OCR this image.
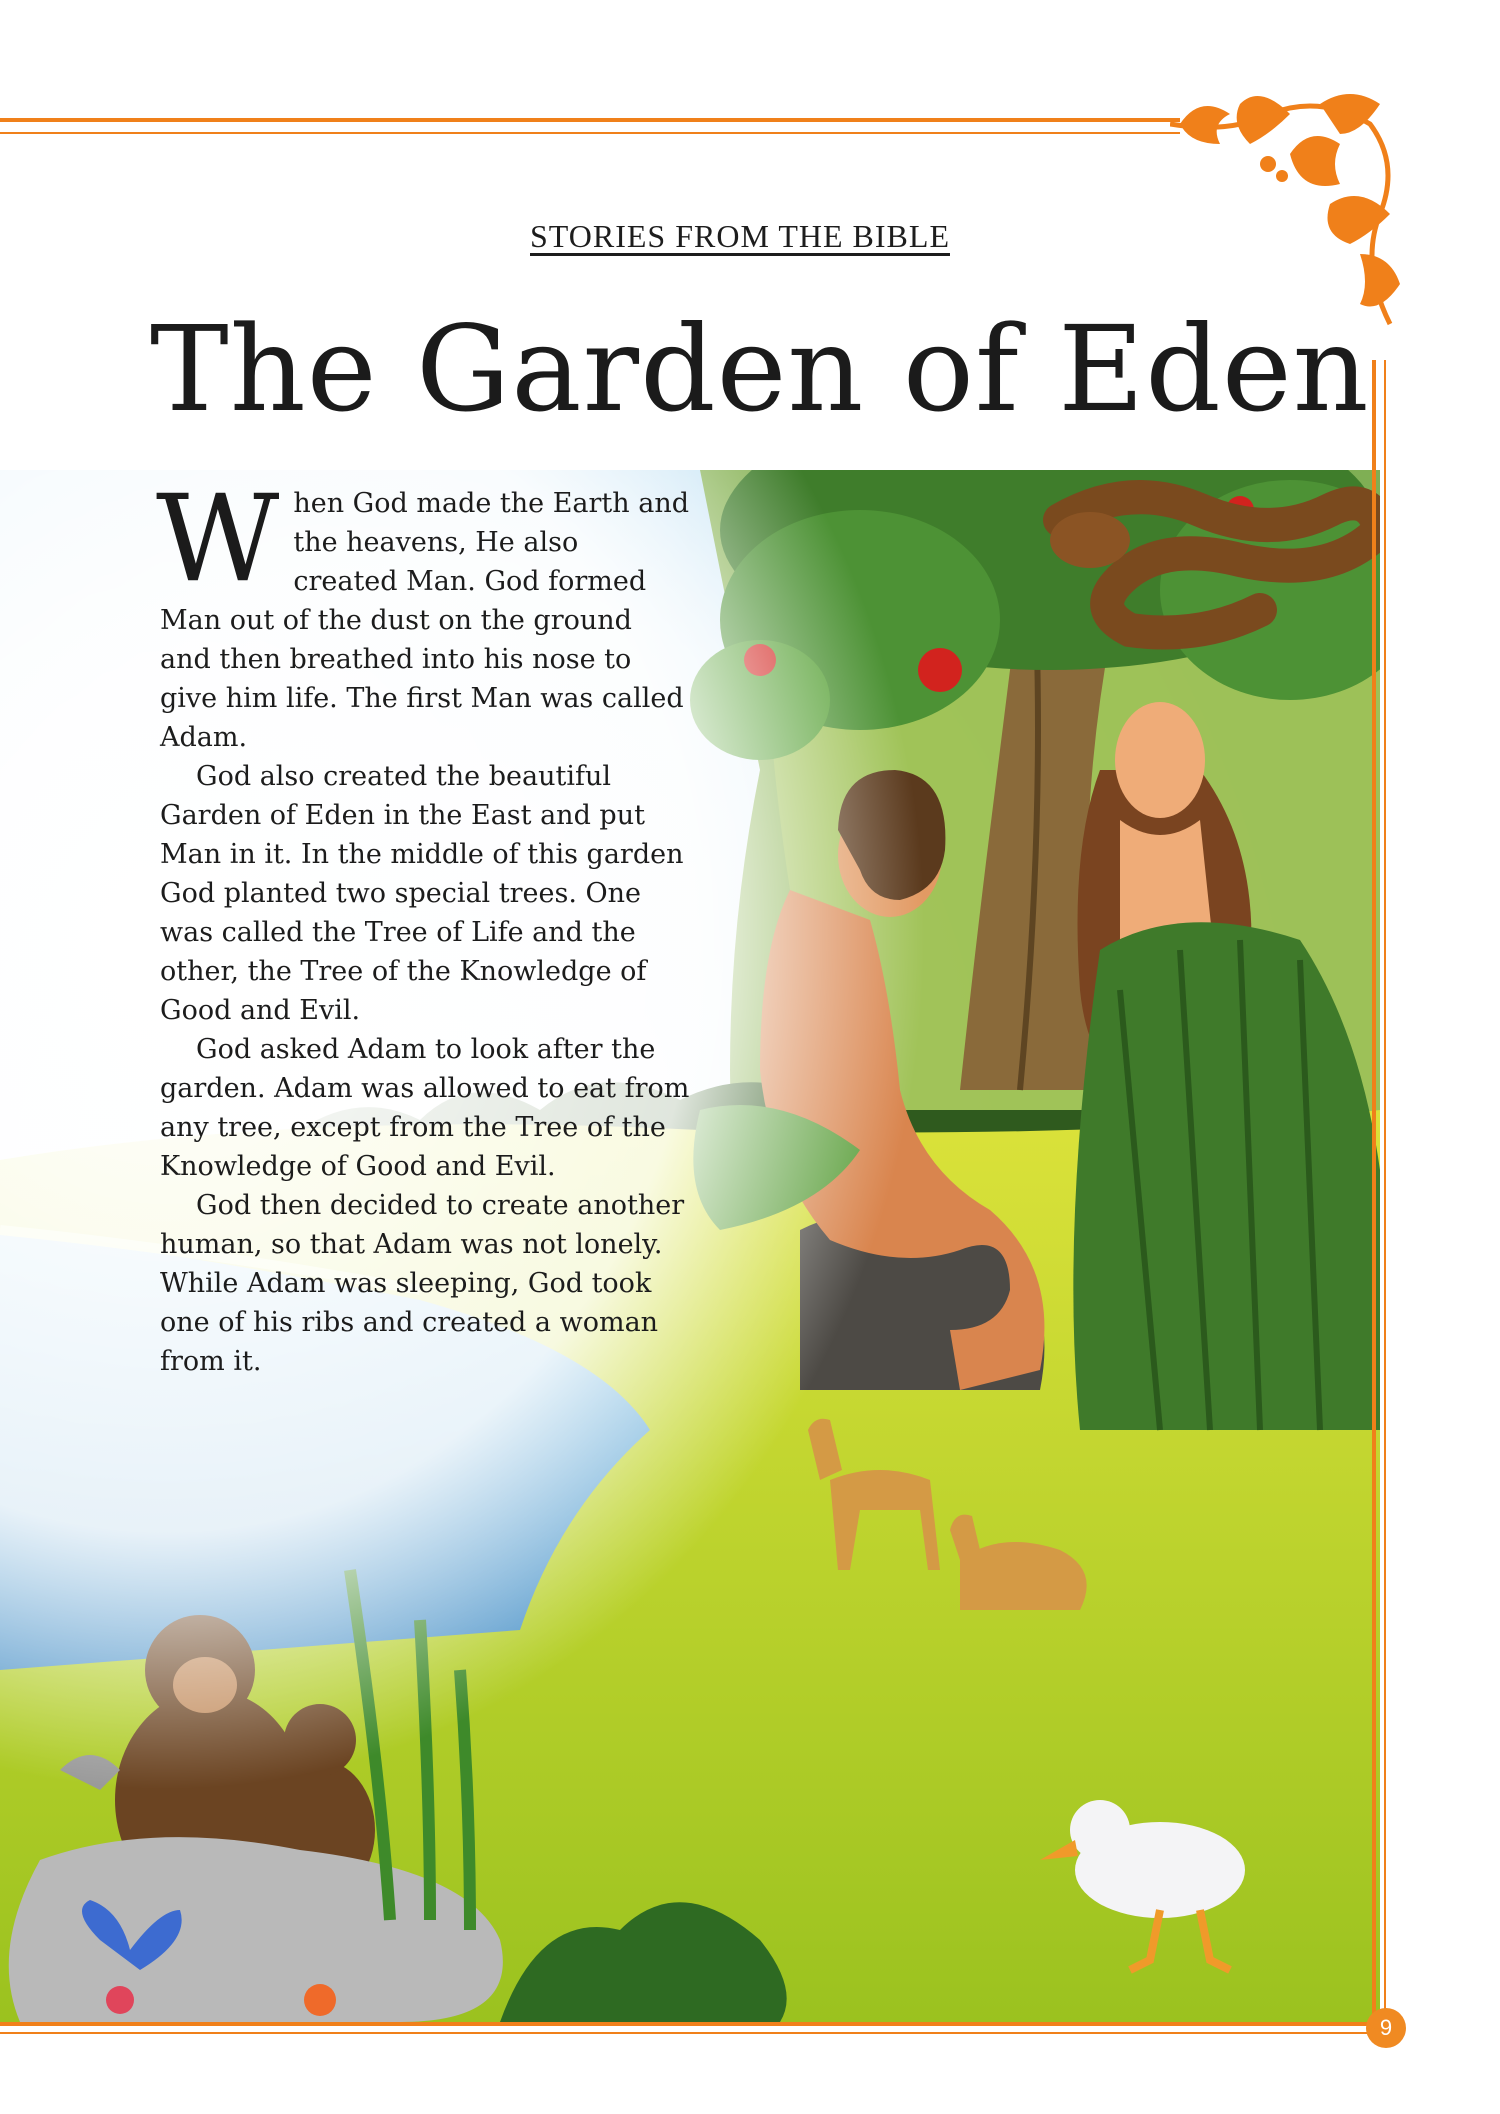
STORIES FROM THE BIBLE
The Garden of Eden

When God made the Earth and the heavens, He also created Man. God formed Man out of the dust on the ground and then breathed into his nose to give him life. The first Man was called Adam.

God also created the beautiful Garden of Eden in the East and put Man in it. In the middle of this garden God planted two special trees. One was called the Tree of Life and the other, the Tree of the Knowledge of Good and Evil.

God asked Adam to look after the garden. Adam was allowed to eat from any tree, except from the Tree of the Knowledge of Good and Evil.

God then decided to create another human, so that Adam was not lonely. While Adam was sleeping, God took one of his ribs and created a woman from it.

9
